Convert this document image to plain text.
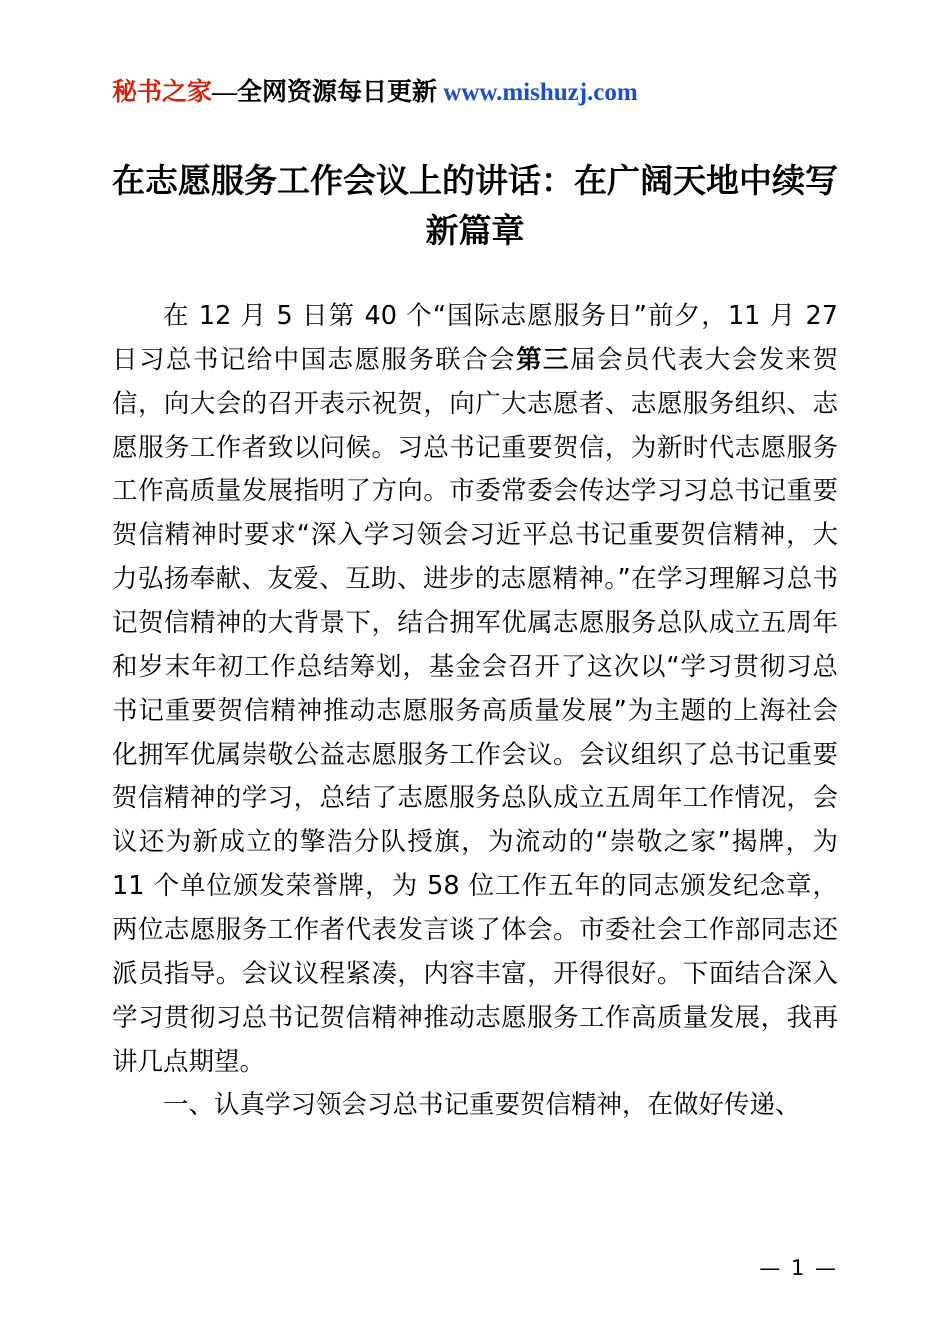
秘书之家—全网资源每日更新 www.mishuzj.com
在志愿服务工作会议上的讲话：在广阔天地中续写新篇章

在 12 月 5 日第 40 个“国际志愿服务日”前夕，11 月 27 日习总书记给中国志愿服务联合会第三届会员代表大会发来贺信，向大会的召开表示祝贺，向广大志愿者、志愿服务组织、志愿服务工作者致以问候。习总书记重要贺信，为新时代志愿服务工作高质量发展指明了方向。市委常委会传达学习习总书记重要贺信精神时要求“深入学习领会习近平总书记重要贺信精神，大力弘扬奉献、友爱、互助、进步的志愿精神。”在学习理解习总书记贺信精神的大背景下，结合拥军优属志愿服务总队成立五周年和岁末年初工作总结筹划，基金会召开了这次以“学习贯彻习总书记重要贺信精神推动志愿服务高质量发展”为主题的上海社会化拥军优属崇敬公益志愿服务工作会议。会议组织了总书记重要贺信精神的学习，总结了志愿服务总队成立五周年工作情况，会议还为新成立的擎浩分队授旗，为流动的“崇敬之家”揭牌，为 11 个单位颁发荣誉牌，为 58 位工作五年的同志颁发纪念章，两位志愿服务工作者代表发言谈了体会。市委社会工作部同志还派员指导。会议议程紧凑，内容丰富，开得很好。下面结合深入学习贯彻习总书记贺信精神推动志愿服务工作高质量发展，我再讲几点期望。

一、认真学习领会习总书记重要贺信精神，在做好传递、

— 1 —
